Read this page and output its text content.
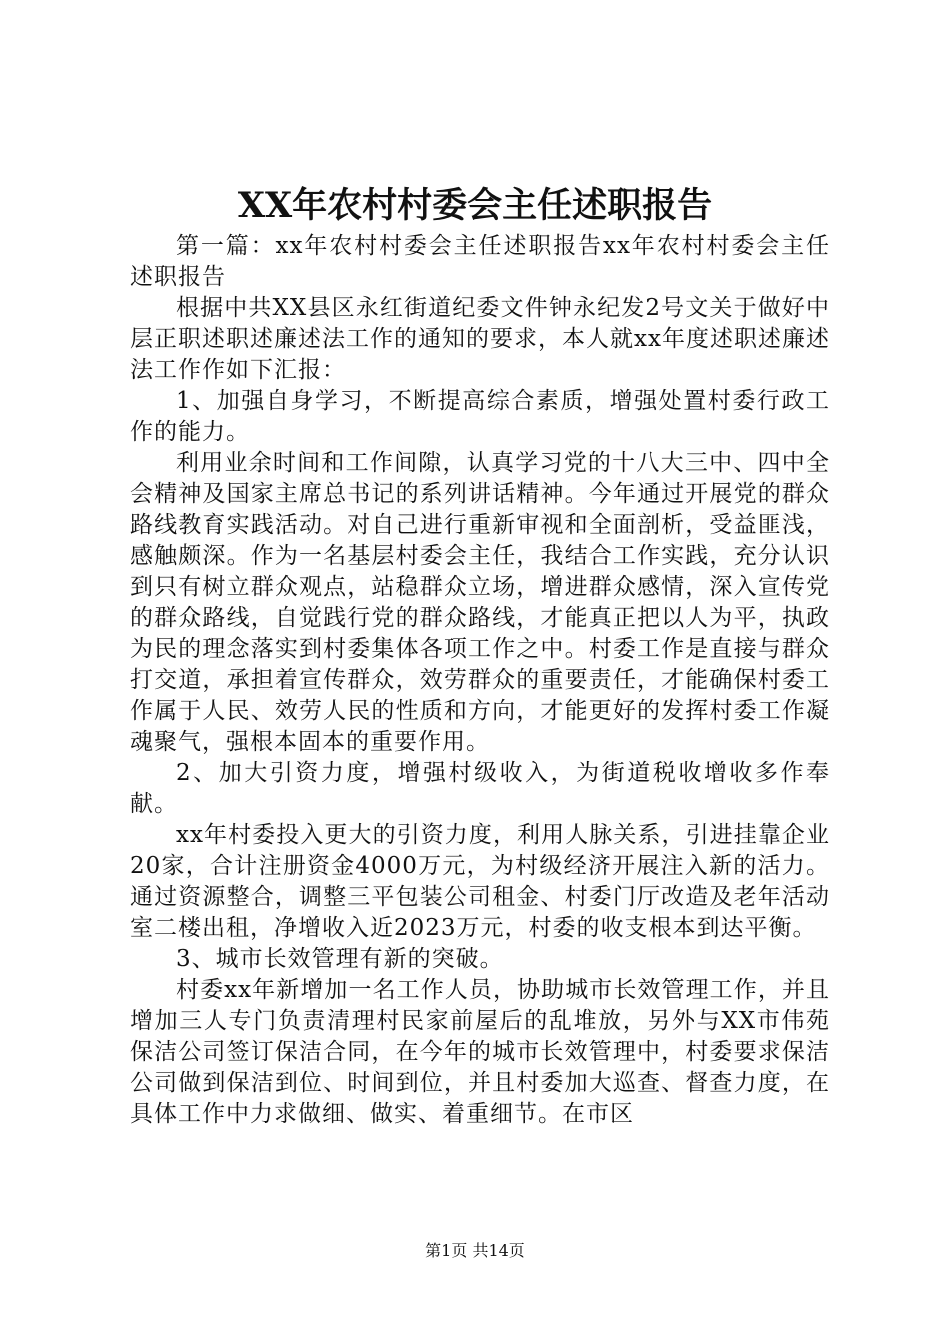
XX年农村村委会主任述职报告

第一篇：xx年农村村委会主任述职报告xx年农村村委会主任述职报告

根据中共XX县区永红街道纪委文件钟永纪发2号文关于做好中层正职述职述廉述法工作的通知的要求，本人就xx年度述职述廉述法工作作如下汇报：

1、加强自身学习，不断提高综合素质，增强处置村委行政工作的能力。

利用业余时间和工作间隙，认真学习党的十八大三中、四中全会精神及国家主席总书记的系列讲话精神。今年通过开展党的群众路线教育实践活动。对自己进行重新审视和全面剖析，受益匪浅，感触颇深。作为一名基层村委会主任，我结合工作实践，充分认识到只有树立群众观点，站稳群众立场，增进群众感情，深入宣传党的群众路线，自觉践行党的群众路线，才能真正把以人为平，执政为民的理念落实到村委集体各项工作之中。村委工作是直接与群众打交道，承担着宣传群众，效劳群众的重要责任，才能确保村委工作属于人民、效劳人民的性质和方向，才能更好的发挥村委工作凝魂聚气，强根本固本的重要作用。

2、加大引资力度，增强村级收入，为街道税收增收多作奉献。

xx年村委投入更大的引资力度，利用人脉关系，引进挂靠企业20家，合计注册资金4000万元，为村级经济开展注入新的活力。通过资源整合，调整三平包装公司租金、村委门厅改造及老年活动室二楼出租，净增收入近2023万元，村委的收支根本到达平衡。

3、城市长效管理有新的突破。

村委xx年新增加一名工作人员，协助城市长效管理工作，并且增加三人专门负责清理村民家前屋后的乱堆放，另外与XX市伟苑保洁公司签订保洁合同，在今年的城市长效管理中，村委要求保洁公司做到保洁到位、时间到位，并且村委加大巡查、督查力度，在具体工作中力求做细、做实、着重细节。在市区

第1页 共14页
